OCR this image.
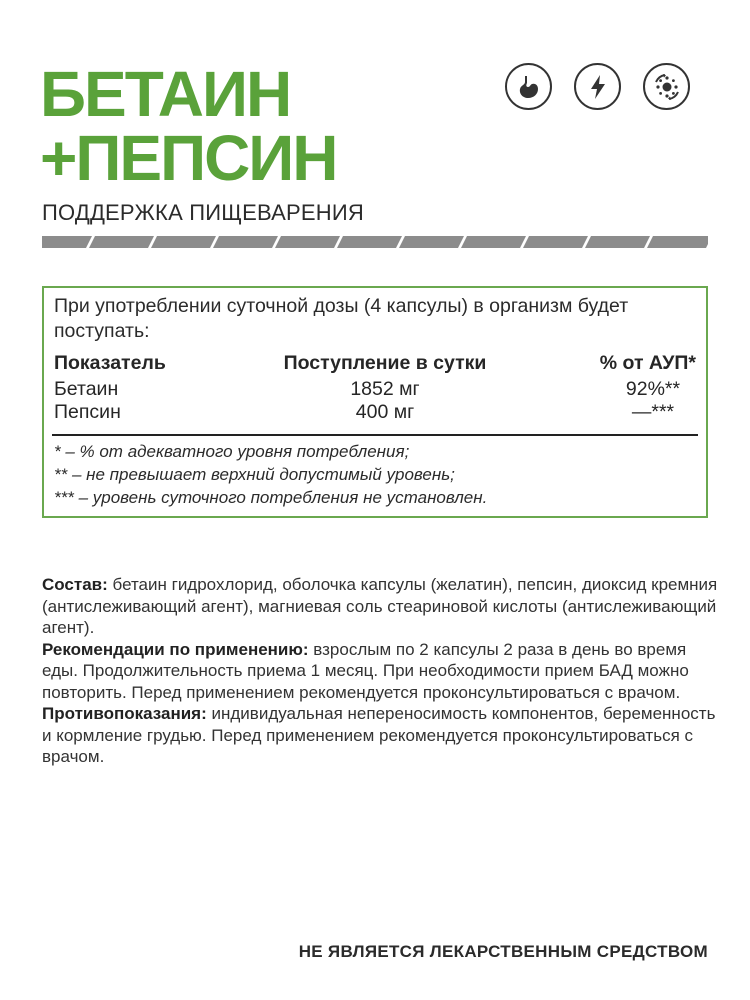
БЕТАИН
+ПЕПСИН
ПОДДЕРЖКА ПИЩЕВАРЕНИЯ
При употреблении суточной дозы (4 капсулы) в организм будет поступать:
Показатель	Поступление в сутки	% от АУП*
Бетаин	1852 мг	92%**
Пепсин	400 мг	—***
* – % от адекватного уровня потребления;
** – не превышает верхний допустимый уровень;
*** – уровень суточного потребления не установлен.

Состав: бетаин гидрохлорид, оболочка капсулы (желатин), пепсин, диоксид кремния (антислеживающий агент), магниевая соль стеариновой кислоты (антислеживающий агент).

Рекомендации по применению: взрослым по 2 капсулы 2 раза в день во время еды. Продолжительность приема 1 месяц. При необходимости прием БАД можно повторить. Перед применением рекомендуется проконсультироваться с врачом.

Противопоказания: индивидуальная непереносимость компонентов, беременность и кормление грудью. Перед применением рекомендуется проконсультироваться с врачом.

НЕ ЯВЛЯЕТСЯ ЛЕКАРСТВЕННЫМ СРЕДСТВОМ
